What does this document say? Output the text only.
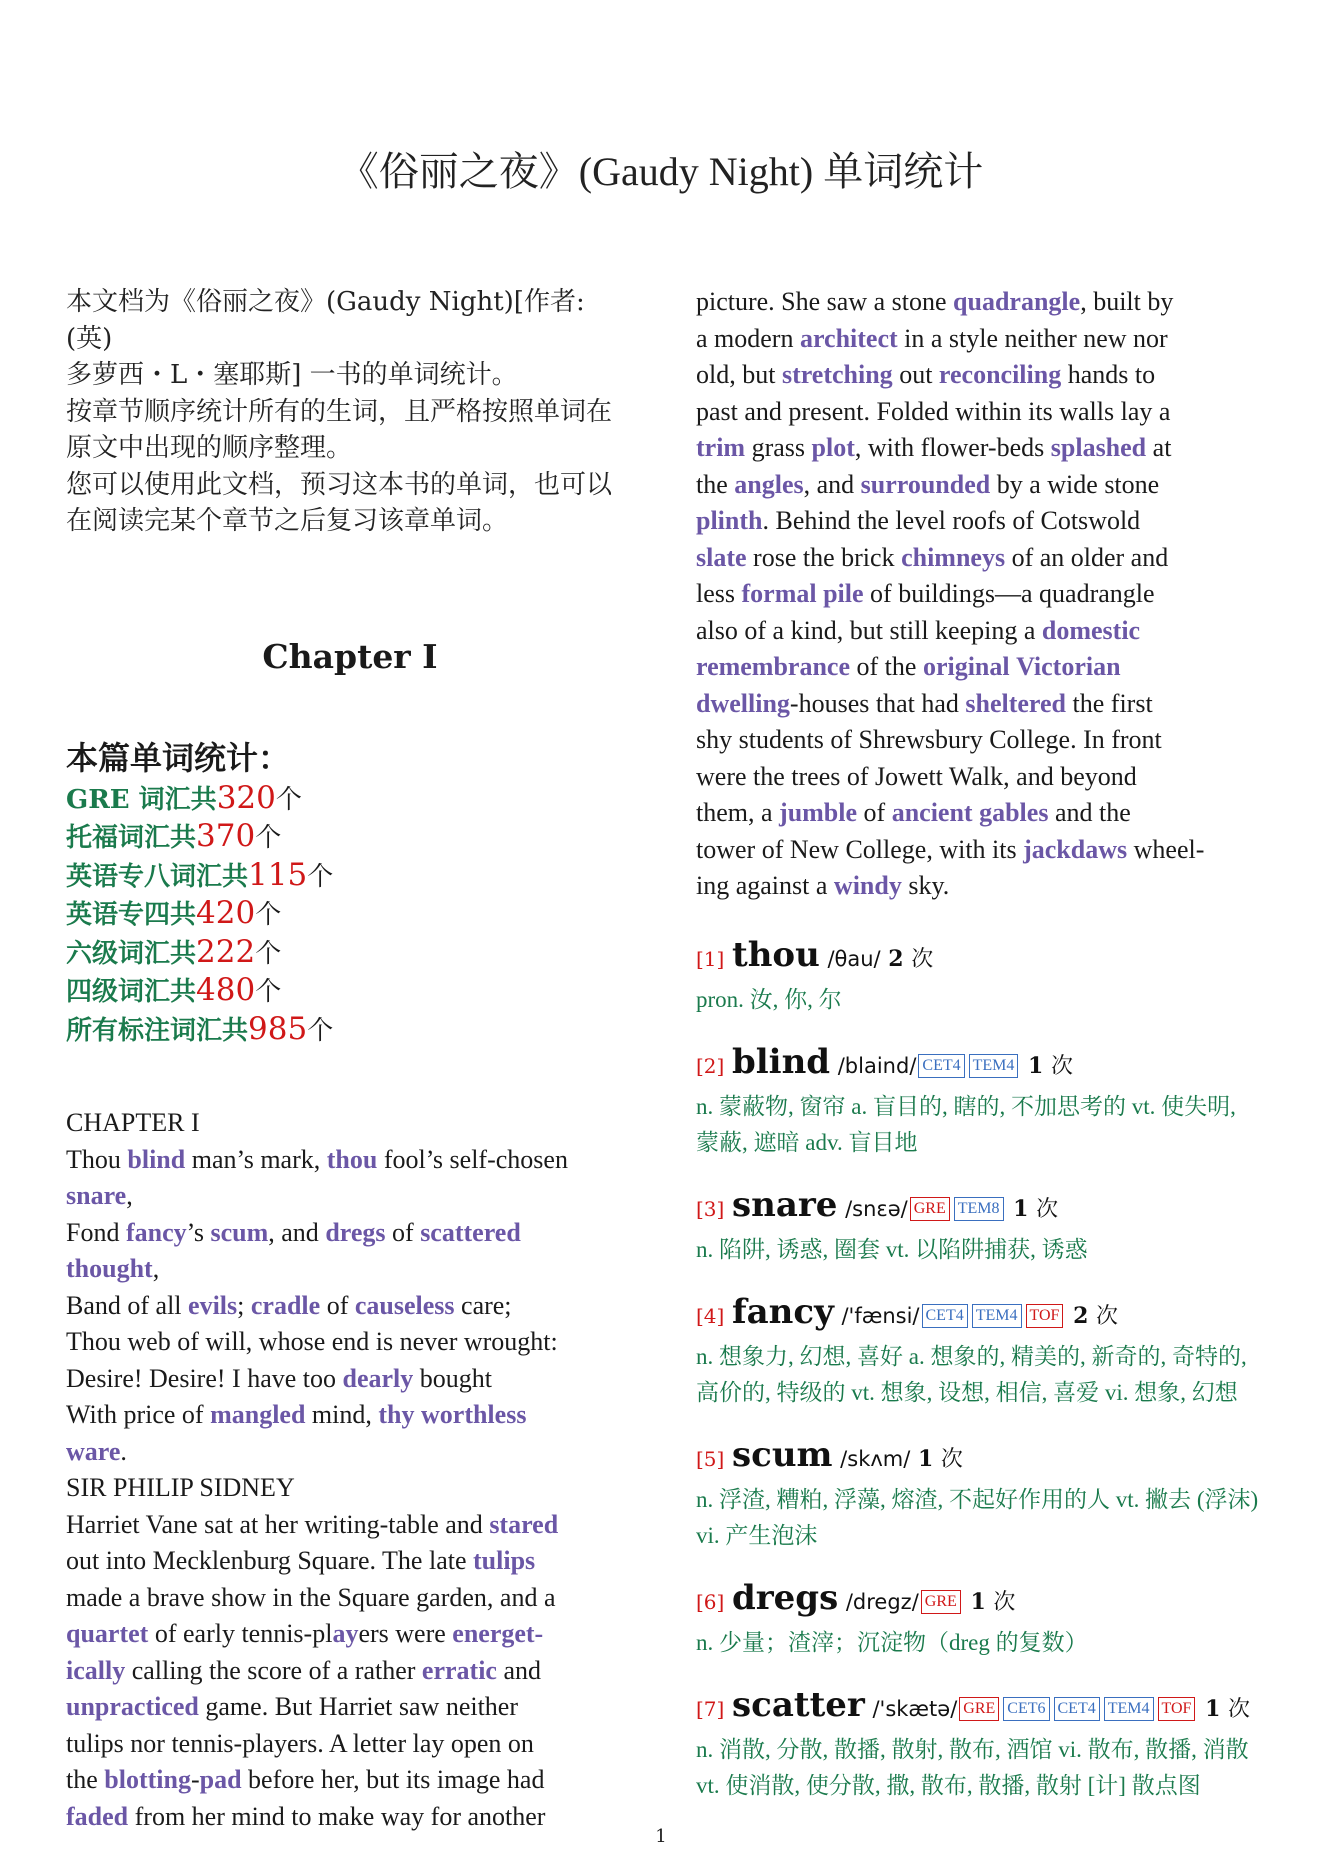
《俗丽之夜》(Gaudy Night) 单词统计

本文档为《俗丽之夜》(Gaudy Night)[作者: (英)

多萝西・L・塞耶斯] 一书的单词统计。

按章节顺序统计所有的生词，且严格按照单词在

原文中出现的顺序整理。

您可以使用此文档，预习这本书的单词，也可以

在阅读完某个章节之后复习该章单词。

Chapter I
本篇单词统计：
GRE 词汇共320个
托福词汇共370个
英语专八词汇共115个
英语专四共420个
六级词汇共222个
四级词汇共480个
所有标注词汇共985个
CHAPTER I
Thou blind man’s mark, thou fool’s self-chosen
snare,
Fond fancy’s scum, and dregs of scattered
thought,
Band of all evils; cradle of causeless care;
Thou web of will, whose end is never wrought:
Desire! Desire! I have too dearly bought
With price of mangled mind, thy worthless
ware.
SIR PHILIP SIDNEY
Harriet Vane sat at her writing-table and stared
out into Mecklenburg Square. The late tulips
made a brave show in the Square garden, and a
quartet of early tennis-players were energet-
ically calling the score of a rather erratic and
unpracticed game. But Harriet saw neither
tulips nor tennis-players. A letter lay open on
the blotting-pad before her, but its image had
faded from her mind to make way for another
picture. She saw a stone quadrangle, built by
a modern architect in a style neither new nor
old, but stretching out reconciling hands to
past and present. Folded within its walls lay a
trim grass plot, with flower-beds splashed at
the angles, and surrounded by a wide stone
plinth. Behind the level roofs of Cotswold
slate rose the brick chimneys of an older and
less formal pile of buildings—a quadrangle
also of a kind, but still keeping a domestic
remembrance of the original Victorian
dwelling-houses that had sheltered the first
shy students of Shrewsbury College. In front
were the trees of Jowett Walk, and beyond
them, a jumble of ancient gables and the
tower of New College, with its jackdaws wheel-
ing against a windy sky.
[1] thou /θau/ 2 次
pron. 汝, 你, 尔
[2] blind /blaind/ CET4 TEM4 1 次
n. 蒙蔽物, 窗帘 a. 盲目的, 瞎的, 不加思考的 vt. 使失明, 蒙蔽, 遮暗 adv. 盲目地
[3] snare /snɛə/ GRE TEM8 1 次
n. 陷阱, 诱惑, 圈套 vt. 以陷阱捕获, 诱惑
[4] fancy /'fænsi/ CET4 TEM4 TOF 2 次
n. 想象力, 幻想, 喜好 a. 想象的, 精美的, 新奇的, 奇特的, 高价的, 特级的 vt. 想象, 设想, 相信, 喜爱 vi. 想象, 幻想
[5] scum /skʌm/ 1 次
n. 浮渣, 糟粕, 浮藻, 熔渣, 不起好作用的人 vt. 撇去 (浮沫) vi. 产生泡沫
[6] dregs /dregz/ GRE 1 次
n. 少量；渣滓；沉淀物（dreg 的复数）
[7] scatter /'skætə/ GRE CET6 CET4 TEM4 TOF 1 次
n. 消散, 分散, 散播, 散射, 散布, 酒馆 vi. 散布, 散播, 消散 vt. 使消散, 使分散, 撒, 散布, 散播, 散射 [计] 散点图
1
